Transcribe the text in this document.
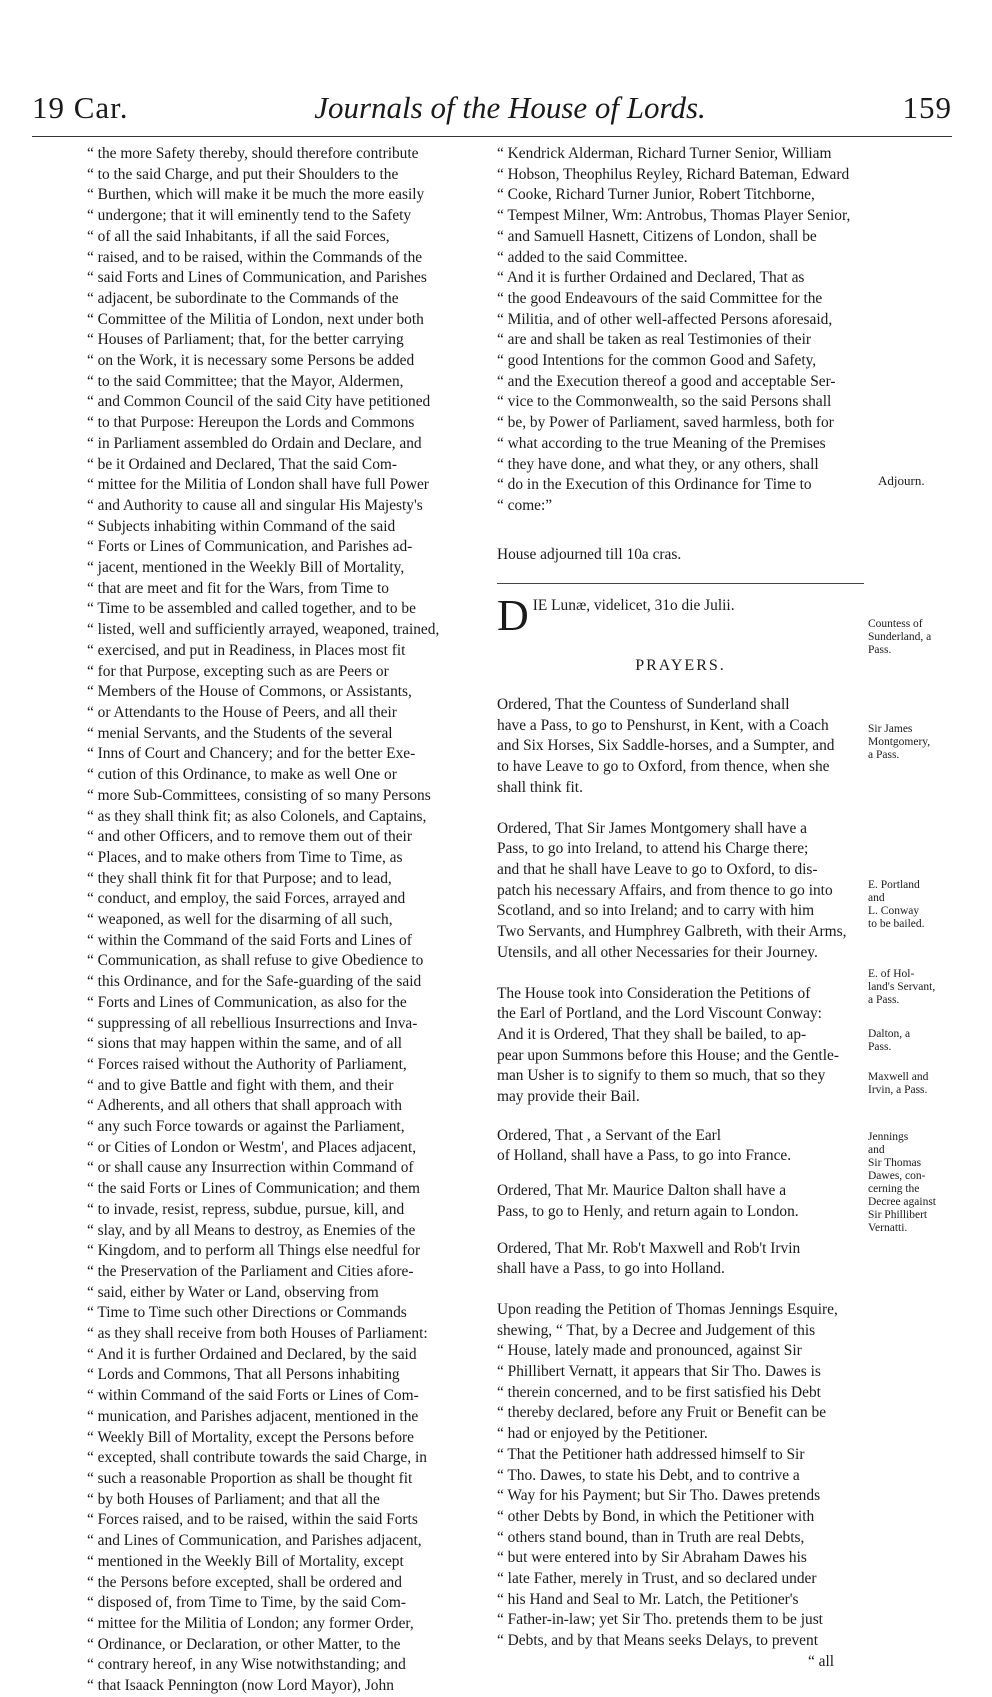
19 Car.	Journals of the House of Lords.	159
“ the more Safety thereby, should therefore contribute
“ to the said Charge, and put their Shoulders to the
“ Burthen, which will make it be much the more easily
“ undergone; that it will eminently tend to the Safety
“ of all the said Inhabitants, if all the said Forces,
“ raised, and to be raised, within the Commands of the
“ said Forts and Lines of Communication, and Parishes
“ adjacent, be subordinate to the Commands of the
“ Committee of the Militia of London, next under both
“ Houses of Parliament; that, for the better carrying
“ on the Work, it is necessary some Persons be added
“ to the said Committee; that the Mayor, Aldermen,
“ and Common Council of the said City have petitioned
“ to that Purpose: Hereupon the Lords and Commons
“ in Parliament assembled do Ordain and Declare, and
“ be it Ordained and Declared, That the said Com-
“ mittee for the Militia of London shall have full Power
“ and Authority to cause all and singular His Majesty's
“ Subjects inhabiting within Command of the said
“ Forts or Lines of Communication, and Parishes ad-
“ jacent, mentioned in the Weekly Bill of Mortality,
“ that are meet and fit for the Wars, from Time to
“ Time to be assembled and called together, and to be
“ listed, well and sufficiently arrayed, weaponed, trained,
“ exercised, and put in Readiness, in Places most fit
“ for that Purpose, excepting such as are Peers or
“ Members of the House of Commons, or Assistants,
“ or Attendants to the House of Peers, and all their
“ menial Servants, and the Students of the several
“ Inns of Court and Chancery; and for the better Exe-
“ cution of this Ordinance, to make as well One or
“ more Sub-Committees, consisting of so many Persons
“ as they shall think fit; as also Colonels, and Captains,
“ and other Officers, and to remove them out of their
“ Places, and to make others from Time to Time, as
“ they shall think fit for that Purpose; and to lead,
“ conduct, and employ, the said Forces, arrayed and
“ weaponed, as well for the disarming of all such,
“ within the Command of the said Forts and Lines of
“ Communication, as shall refuse to give Obedience to
“ this Ordinance, and for the Safe-guarding of the said
“ Forts and Lines of Communication, as also for the
“ suppressing of all rebellious Insurrections and Inva-
“ sions that may happen within the same, and of all
“ Forces raised without the Authority of Parliament,
“ and to give Battle and fight with them, and their
“ Adherents, and all others that shall approach with
“ any such Force towards or against the Parliament,
“ or Cities of London or Westm', and Places adjacent,
“ or shall cause any Insurrection within Command of
“ the said Forts or Lines of Communication; and them
“ to invade, resist, repress, subdue, pursue, kill, and
“ slay, and by all Means to destroy, as Enemies of the
“ Kingdom, and to perform all Things else needful for
“ the Preservation of the Parliament and Cities afore-
“ said, either by Water or Land, observing from
“ Time to Time such other Directions or Commands
“ as they shall receive from both Houses of Parliament:
“ And it is further Ordained and Declared, by the said
“ Lords and Commons, That all Persons inhabiting
“ within Command of the said Forts or Lines of Com-
“ munication, and Parishes adjacent, mentioned in the
“ Weekly Bill of Mortality, except the Persons before
“ excepted, shall contribute towards the said Charge, in
“ such a reasonable Proportion as shall be thought fit
“ by both Houses of Parliament; and that all the
“ Forces raised, and to be raised, within the said Forts
“ and Lines of Communication, and Parishes adjacent,
“ mentioned in the Weekly Bill of Mortality, except
“ the Persons before excepted, shall be ordered and
“ disposed of, from Time to Time, by the said Com-
“ mittee for the Militia of London; any former Order,
“ Ordinance, or Declaration, or other Matter, to the
“ contrary hereof, in any Wise notwithstanding; and
“ that Isaack Pennington (now Lord Mayor), John
“ Kendrick Alderman, Richard Turner Senior, William
“ Hobson, Theophilus Reyley, Richard Bateman, Edward
“ Cooke, Richard Turner Junior, Robert Titchborne,
“ Tempest Milner, Wm: Antrobus, Thomas Player Senior,
“ and Samuell Hasnett, Citizens of London, shall be
“ added to the said Committee.
“ And it is further Ordained and Declared, That as
“ the good Endeavours of the said Committee for the
“ Militia, and of other well-affected Persons aforesaid,
“ are and shall be taken as real Testimonies of their
“ good Intentions for the common Good and Safety,
“ and the Execution thereof a good and acceptable Ser-
“ vice to the Commonwealth, so the said Persons shall
“ be, by Power of Parliament, saved harmless, both for
“ what according to the true Meaning of the Premises
“ they have done, and what they, or any others, shall
“ do in the Execution of this Ordinance for Time to
“ come:”
House adjourned till 10a cras.
D IE Lunæ, videlicet, 31o die Julii.
PRAYERS.
Ordered, That the Countess of Sunderland shall
have a Pass, to go to Penshurst, in Kent, with a Coach
and Six Horses, Six Saddle-horses, and a Sumpter, and
to have Leave to go to Oxford, from thence, when she
shall think fit.
Ordered, That Sir James Montgomery shall have a
Pass, to go into Ireland, to attend his Charge there;
and that he shall have Leave to go to Oxford, to dis-
patch his necessary Affairs, and from thence to go into
Scotland, and so into Ireland; and to carry with him
Two Servants, and Humphrey Galbreth, with their Arms,
Utensils, and all other Necessaries for their Journey.
The House took into Consideration the Petitions of
the Earl of Portland, and the Lord Viscount Conway:
And it is Ordered, That they shall be bailed, to ap-
pear upon Summons before this House; and the Gentle-
man Usher is to signify to them so much, that so they
may provide their Bail.
Ordered, That , a Servant of the Earl
of Holland, shall have a Pass, to go into France.
Ordered, That Mr. Maurice Dalton shall have a
Pass, to go to Henly, and return again to London.
Ordered, That Mr. Rob't Maxwell and Rob't Irvin
shall have a Pass, to go into Holland.
Upon reading the Petition of Thomas Jennings Esquire,
shewing, “ That, by a Decree and Judgement of this
“ House, lately made and pronounced, against Sir
“ Phillibert Vernatt, it appears that Sir Tho. Dawes is
“ therein concerned, and to be first satisfied his Debt
“ thereby declared, before any Fruit or Benefit can be
“ had or enjoyed by the Petitioner.
“ That the Petitioner hath addressed himself to Sir
“ Tho. Dawes, to state his Debt, and to contrive a
“ Way for his Payment; but Sir Tho. Dawes pretends
“ other Debts by Bond, in which the Petitioner with
“ others stand bound, than in Truth are real Debts,
“ but were entered into by Sir Abraham Dawes his
“ late Father, merely in Trust, and so declared under
“ his Hand and Seal to Mr. Latch, the Petitioner's
“ Father-in-law; yet Sir Tho. pretends them to be just
“ Debts, and by that Means seeks Delays, to prevent
“ all
Adjourn.
Countess of
Sunderland, a
Pass.
Sir James
Montgomery,
a Pass.
E. Portland
and
L. Conway
to be bailed.
E. of Hol-
land's Servant,
a Pass.
Dalton, a
Pass.
Maxwell and
Irvin, a Pass.
Jennings
and
Sir Thomas
Dawes, con-
cerning the
Decree against
Sir Phillibert
Vernatti.
